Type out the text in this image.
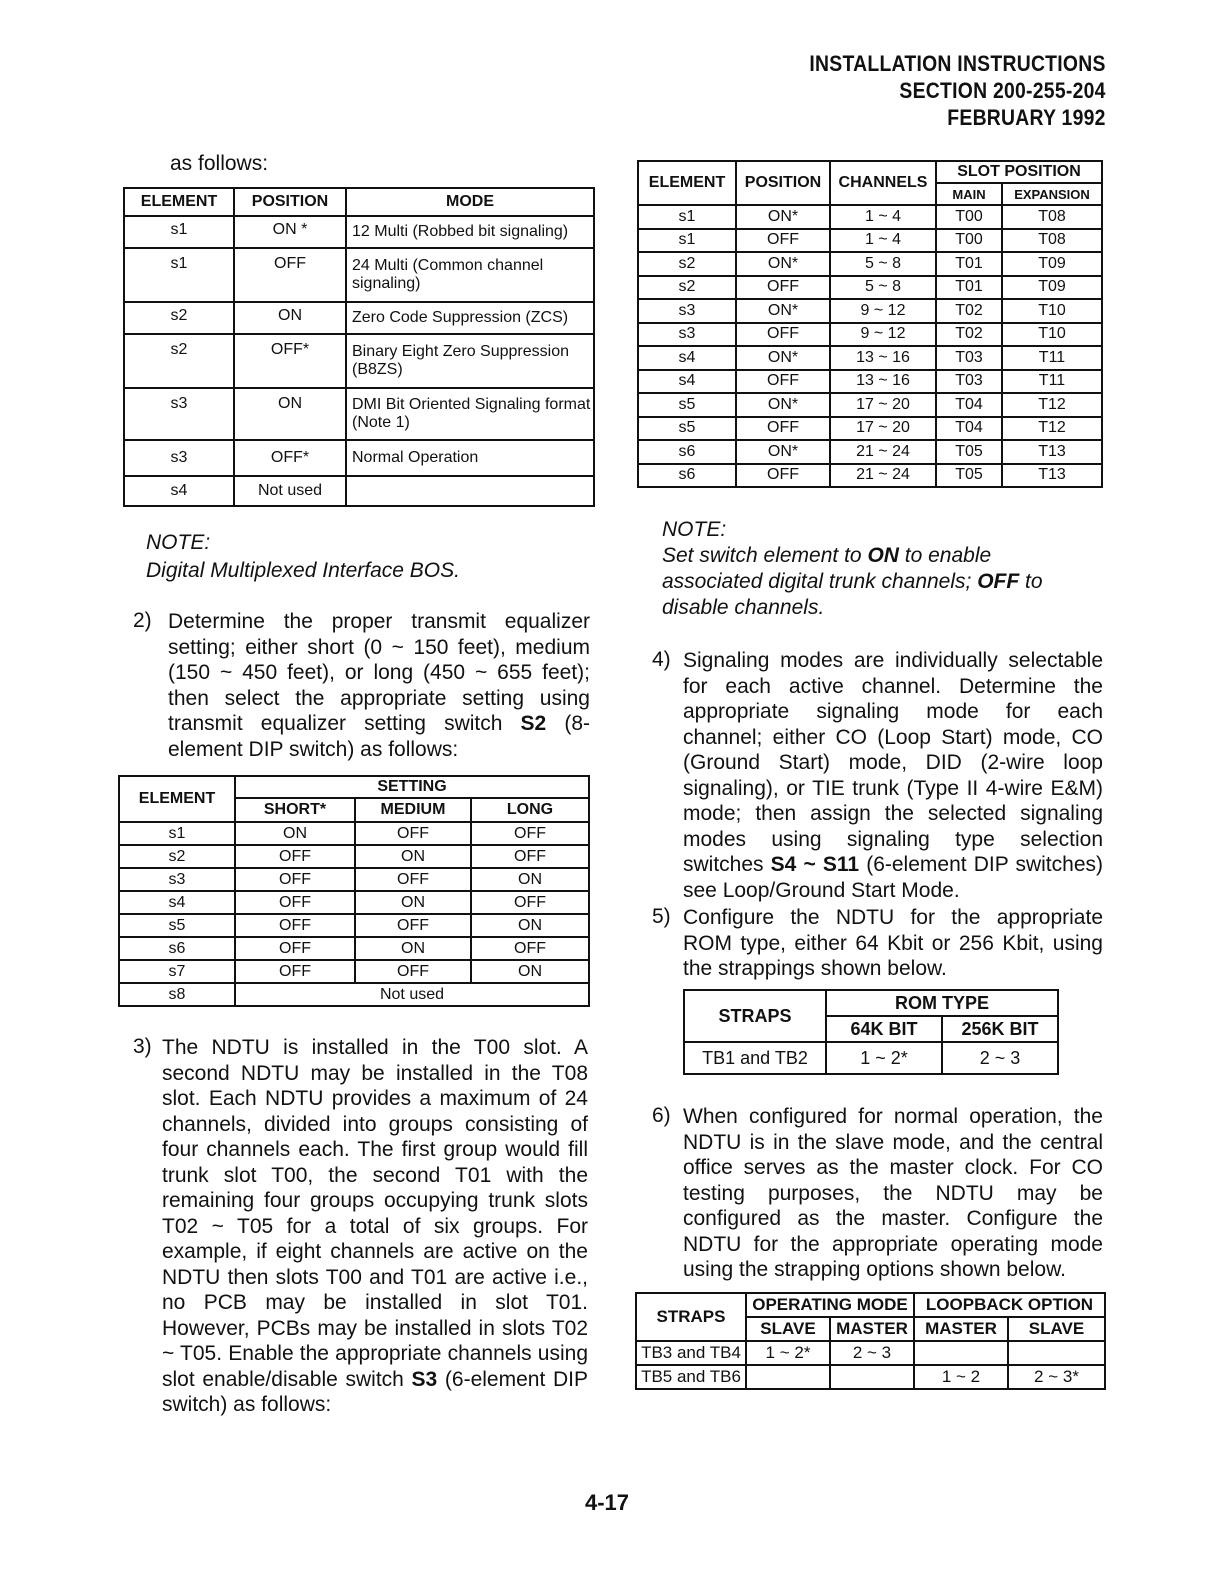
INSTALLATION INSTRUCTIONS
SECTION 200-255-204
FEBRUARY 1992
as follows:
ELEMENT	POSITION	MODE
s1	ON *	12 Multi (Robbed bit signaling)
s1	OFF	24 Multi (Common channel signaling)
s2	ON	Zero Code Suppression (ZCS)
s2	OFF*	Binary Eight Zero Suppression (B8ZS)
s3	ON	DMI Bit Oriented Signaling format (Note 1)
s3	OFF*	Normal Operation
s4	Not used	
NOTE:
Digital Multiplexed Interface BOS.
2) Determine the proper transmit equalizer setting; either short (0 ~ 150 feet), medium (150 ~ 450 feet), or long (450 ~ 655 feet); then select the appropriate setting using transmit equalizer setting switch S2 (8-element DIP switch) as follows:
ELEMENT	SETTING		
	SHORT*	MEDIUM	LONG
s1	ON	OFF	OFF
s2	OFF	ON	OFF
s3	OFF	OFF	ON
s4	OFF	ON	OFF
s5	OFF	OFF	ON
s6	OFF	ON	OFF
s7	OFF	OFF	ON
s8	Not used		
3) The NDTU is installed in the T00 slot. A second NDTU may be installed in the T08 slot. Each NDTU provides a maximum of 24 channels, divided into groups consisting of four channels each. The first group would fill trunk slot T00, the second T01 with the remaining four groups occupying trunk slots T02 ~ T05 for a total of six groups. For example, if eight channels are active on the NDTU then slots T00 and T01 are active i.e., no PCB may be installed in slot T01. However, PCBs may be installed in slots T02 ~ T05. Enable the appropriate channels using slot enable/disable switch S3 (6-element DIP switch) as follows:
ELEMENT	POSITION	CHANNELS	SLOT POSITION	
			MAIN	EXPANSION
s1	ON*	1 ~ 4	T00	T08
s1	OFF	1 ~ 4	T00	T08
s2	ON*	5 ~ 8	T01	T09
s2	OFF	5 ~ 8	T01	T09
s3	ON*	9 ~ 12	T02	T10
s3	OFF	9 ~ 12	T02	T10
s4	ON*	13 ~ 16	T03	T11
s4	OFF	13 ~ 16	T03	T11
s5	ON*	17 ~ 20	T04	T12
s5	OFF	17 ~ 20	T04	T12
s6	ON*	21 ~ 24	T05	T13
s6	OFF	21 ~ 24	T05	T13
NOTE:
Set switch element to ON to enable associated digital trunk channels; OFF to disable channels.
4) Signaling modes are individually selectable for each active channel. Determine the appropriate signaling mode for each channel; either CO (Loop Start) mode, CO (Ground Start) mode, DID (2-wire loop signaling), or TIE trunk (Type II 4-wire E&M) mode; then assign the selected signaling modes using signaling type selection switches S4 ~ S11 (6-element DIP switches) see Loop/Ground Start Mode.
5) Configure the NDTU for the appropriate ROM type, either 64 Kbit or 256 Kbit, using the strappings shown below.
STRAPS	ROM TYPE	
	64K BIT	256K BIT
TB1 and TB2	1 ~ 2*	2 ~ 3
6) When configured for normal operation, the NDTU is in the slave mode, and the central office serves as the master clock. For CO testing purposes, the NDTU may be configured as the master. Configure the NDTU for the appropriate operating mode using the strapping options shown below.
STRAPS	OPERATING MODE		LOOPBACK OPTION	
	SLAVE	MASTER	MASTER	SLAVE
TB3 and TB4	1 ~ 2*	2 ~ 3		
TB5 and TB6			1 ~ 2	2 ~ 3*
4-17
